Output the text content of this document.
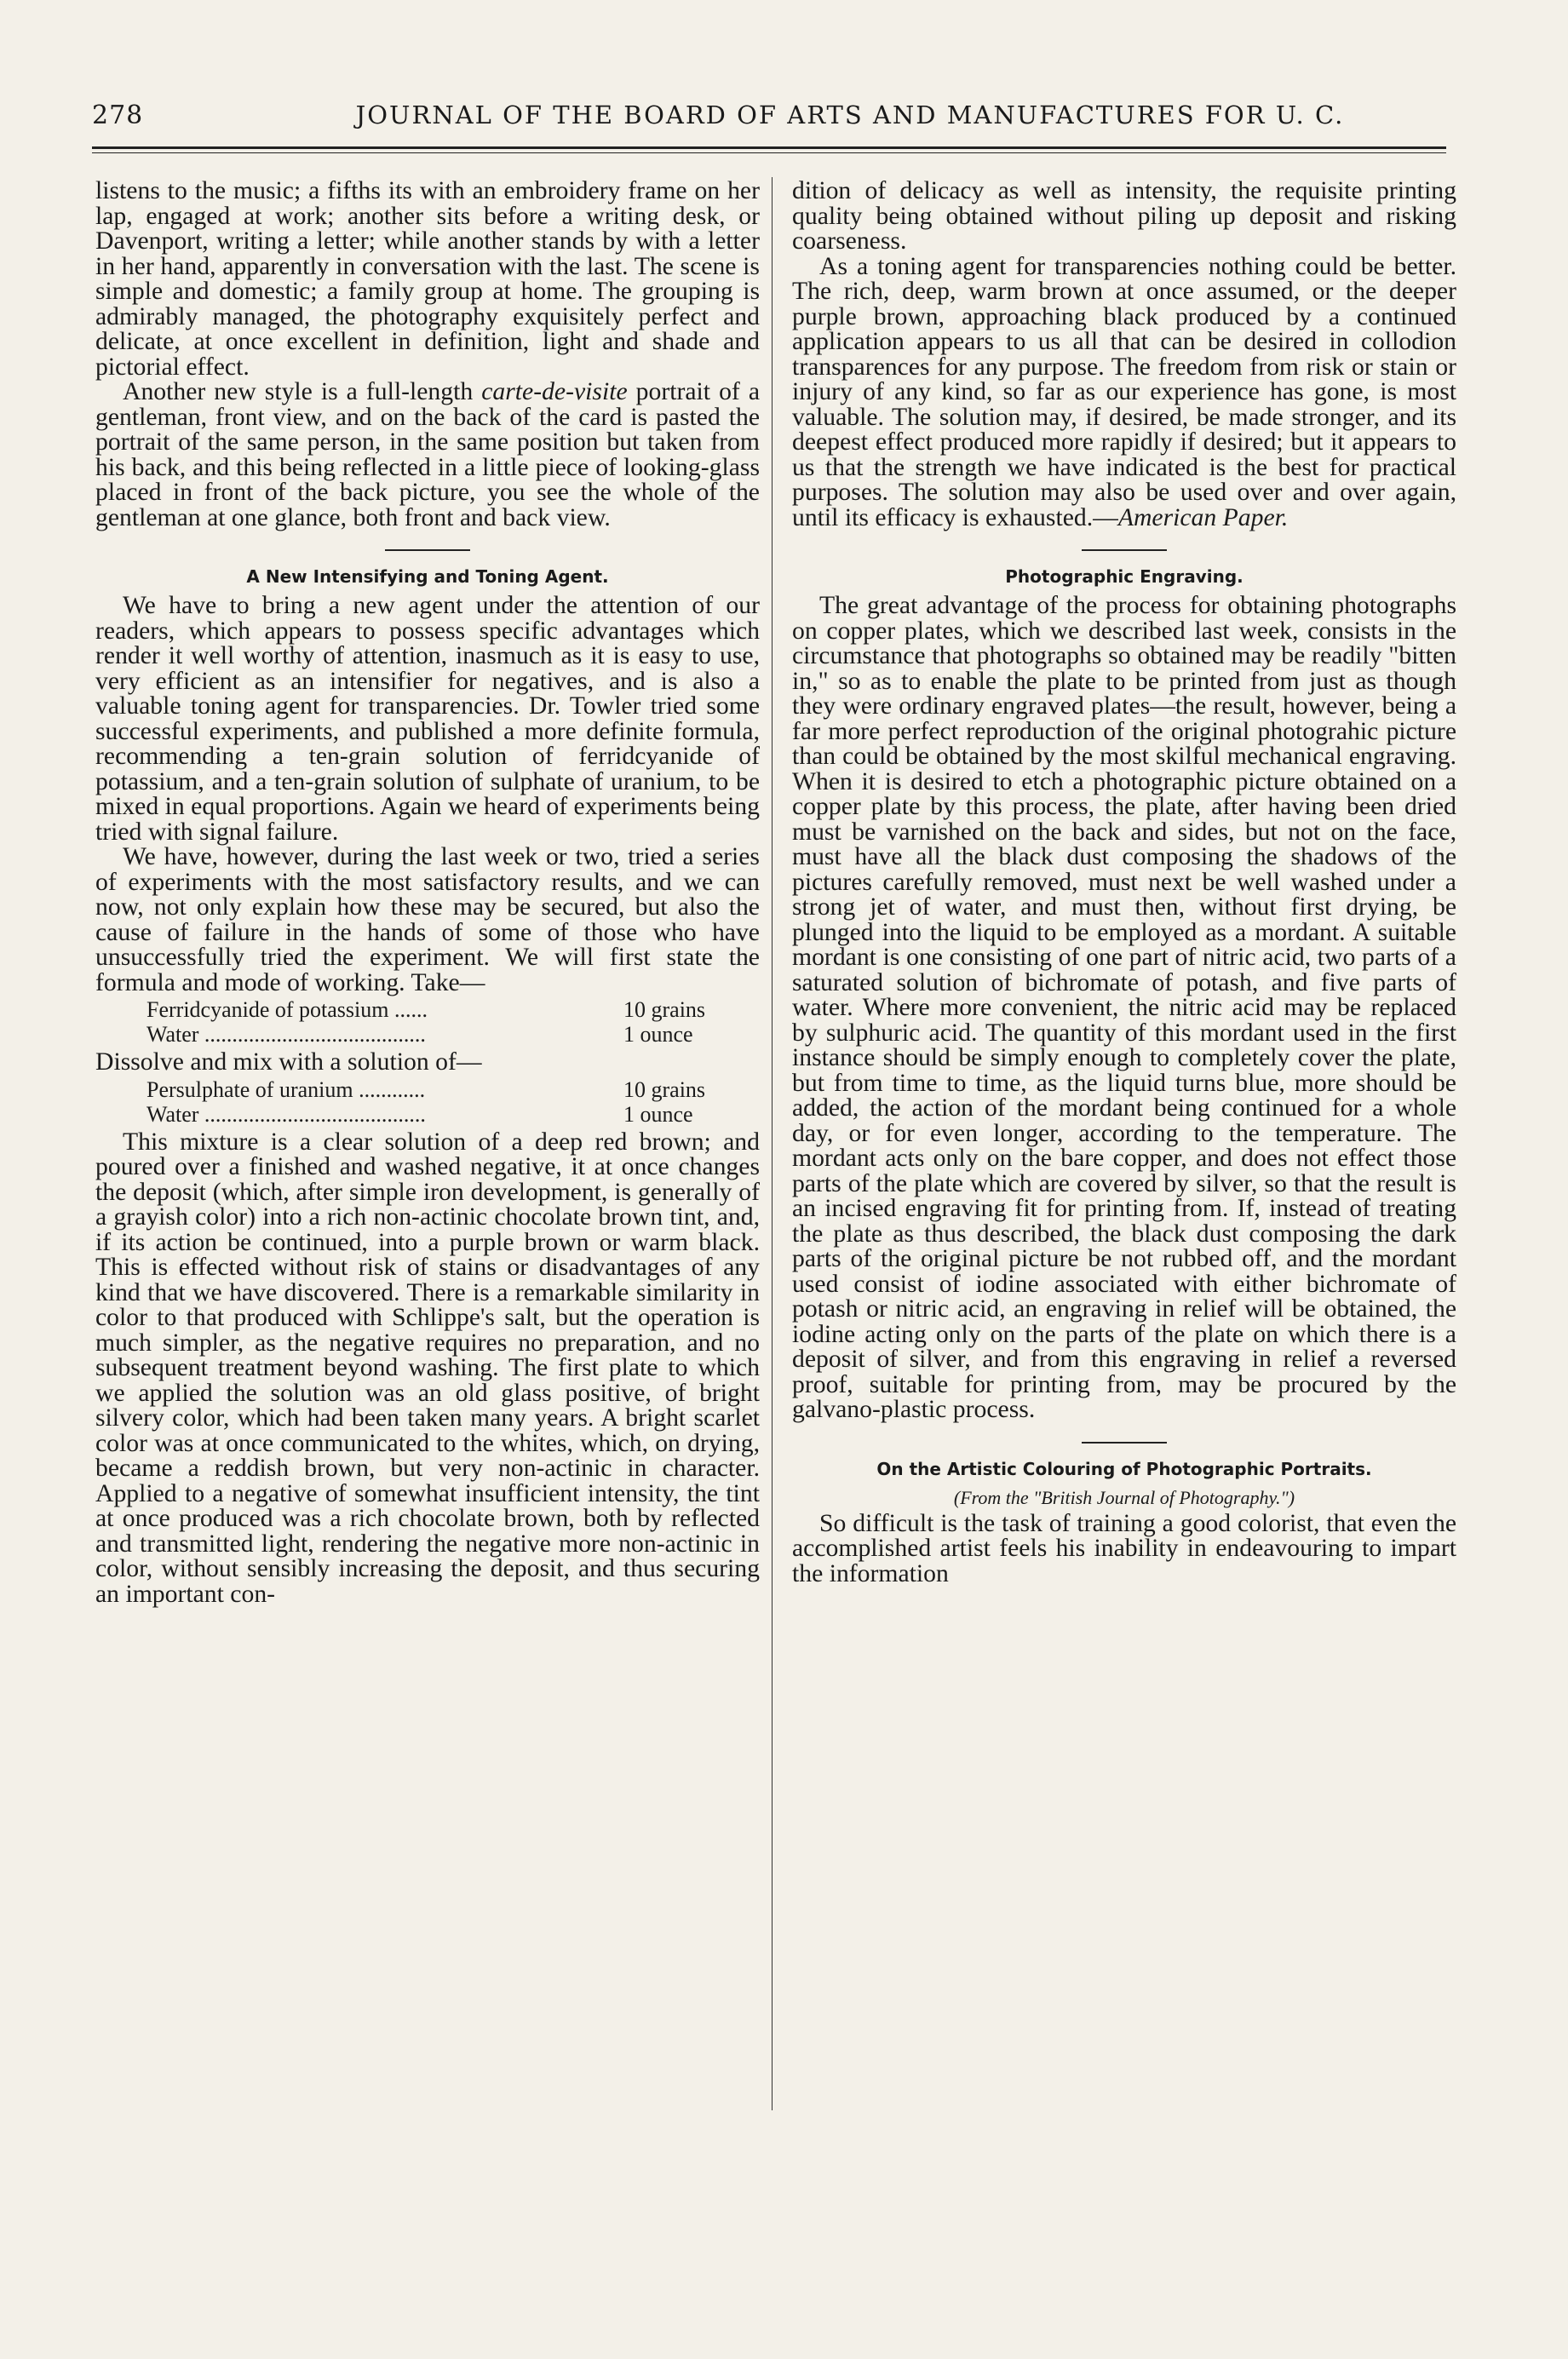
278	JOURNAL OF THE BOARD OF ARTS AND MANUFACTURES FOR U. C.

listens to the music; a fifths its with an embroidery frame on her lap, engaged at work; another sits before a writing desk, or Davenport, writing a letter; while another stands by with a letter in her hand, apparently in conversation with the last. The scene is simple and domestic; a family group at home. The grouping is admirably managed, the photography exquisitely perfect and delicate, at once excellent in definition, light and shade and pictorial effect.

Another new style is a full-length carte-de-visite portrait of a gentleman, front view, and on the back of the card is pasted the portrait of the same person, in the same position but taken from his back, and this being reflected in a little piece of looking-glass placed in front of the back picture, you see the whole of the gentleman at one glance, both front and back view.

A New Intensifying and Toning Agent.

We have to bring a new agent under the attention of our readers, which appears to possess specific advantages which render it well worthy of attention, inasmuch as it is easy to use, very efficient as an intensifier for negatives, and is also a valuable toning agent for transparencies. Dr. Towler tried some successful experiments, and published a more definite formula, recommending a ten-grain solution of ferridcyanide of potassium, and a ten-grain solution of sulphate of uranium, to be mixed in equal proportions. Again we heard of experiments being tried with signal failure.

We have, however, during the last week or two, tried a series of experiments with the most satisfactory results, and we can now, not only explain how these may be secured, but also the cause of failure in the hands of some of those who have unsuccessfully tried the experiment. We will first state the formula and mode of working. Take—

Ferridcyanide of potassium ......	10 grains
Water ........................................	1 ounce

Dissolve and mix with a solution of—

Persulphate of uranium ............	10 grains
Water ........................................	1 ounce

This mixture is a clear solution of a deep red brown; and poured over a finished and washed negative, it at once changes the deposit (which, after simple iron development, is generally of a grayish color) into a rich non-actinic chocolate brown tint, and, if its action be continued, into a purple brown or warm black. This is effected without risk of stains or disadvantages of any kind that we have discovered. There is a remarkable similarity in color to that produced with Schlippe's salt, but the operation is much simpler, as the negative requires no preparation, and no subsequent treatment beyond washing. The first plate to which we applied the solution was an old glass positive, of bright silvery color, which had been taken many years. A bright scarlet color was at once communicated to the whites, which, on drying, became a reddish brown, but very non-actinic in character. Applied to a negative of somewhat insufficient intensity, the tint at once produced was a rich chocolate brown, both by reflected and transmitted light, rendering the negative more non-actinic in color, without sensibly increasing the deposit, and thus securing an important con-

dition of delicacy as well as intensity, the requisite printing quality being obtained without piling up deposit and risking coarseness.

As a toning agent for transparencies nothing could be better. The rich, deep, warm brown at once assumed, or the deeper purple brown, approaching black produced by a continued application appears to us all that can be desired in collodion transparences for any purpose. The freedom from risk or stain or injury of any kind, so far as our experience has gone, is most valuable. The solution may, if desired, be made stronger, and its deepest effect produced more rapidly if desired; but it appears to us that the strength we have indicated is the best for practical purposes. The solution may also be used over and over again, until its efficacy is exhausted.—American Paper.

Photographic Engraving.

The great advantage of the process for obtaining photographs on copper plates, which we described last week, consists in the circumstance that photographs so obtained may be readily "bitten in," so as to enable the plate to be printed from just as though they were ordinary engraved plates—the result, however, being a far more perfect reproduction of the original photograhic picture than could be obtained by the most skilful mechanical engraving. When it is desired to etch a photographic picture obtained on a copper plate by this process, the plate, after having been dried must be varnished on the back and sides, but not on the face, must have all the black dust composing the shadows of the pictures carefully removed, must next be well washed under a strong jet of water, and must then, without first drying, be plunged into the liquid to be employed as a mordant. A suitable mordant is one consisting of one part of nitric acid, two parts of a saturated solution of bichromate of potash, and five parts of water. Where more convenient, the nitric acid may be replaced by sulphuric acid. The quantity of this mordant used in the first instance should be simply enough to completely cover the plate, but from time to time, as the liquid turns blue, more should be added, the action of the mordant being continued for a whole day, or for even longer, according to the temperature. The mordant acts only on the bare copper, and does not effect those parts of the plate which are covered by silver, so that the result is an incised engraving fit for printing from. If, instead of treating the plate as thus described, the black dust composing the dark parts of the original picture be not rubbed off, and the mordant used consist of iodine associated with either bichromate of potash or nitric acid, an engraving in relief will be obtained, the iodine acting only on the parts of the plate on which there is a deposit of silver, and from this engraving in relief a reversed proof, suitable for printing from, may be procured by the galvano-plastic process.

On the Artistic Colouring of Photographic Portraits.
(From the "British Journal of Photography.")

So difficult is the task of training a good colorist, that even the accomplished artist feels his inability in endeavouring to impart the information
